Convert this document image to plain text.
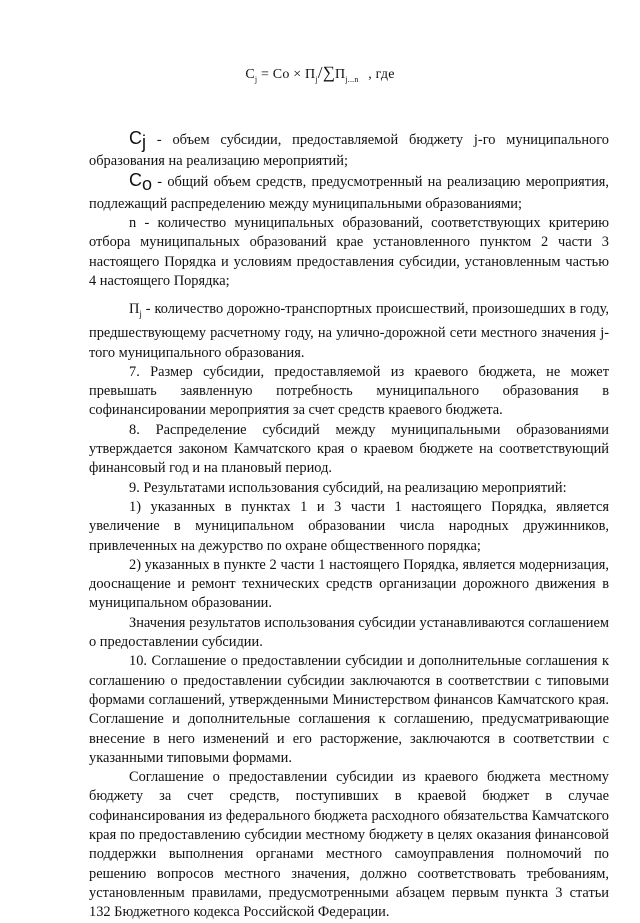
$C_j = Co \times П_j/\sum П_{j...n}$ , где

$C_j$ - объем субсидии, предоставляемой бюджету j-го муниципального образования на реализацию мероприятий;

$C_o$ - общий объем средств, предусмотренный на реализацию мероприятия, подлежащий распределению между муниципальными образованиями;

n - количество муниципальных образований, соответствующих критерию отбора муниципальных образований крае установленного пунктом 2 части 3 настоящего Порядка и условиям предоставления субсидии, установленным частью 4 настоящего Порядка;

$П_j$ - количество дорожно-транспортных происшествий, произошедших в году, предшествующему расчетному году, на улично-дорожной сети местного значения j-того муниципального образования.

7. Размер субсидии, предоставляемой из краевого бюджета, не может превышать заявленную потребность муниципального образования в софинансировании мероприятия за счет средств краевого бюджета.

8. Распределение субсидий между муниципальными образованиями утверждается законом Камчатского края о краевом бюджете на соответствующий финансовый год и на плановый период.

9. Результатами использования субсидий, на реализацию мероприятий:

1) указанных в пунктах 1 и 3 части 1 настоящего Порядка, является увеличение в муниципальном образовании числа народных дружинников, привлеченных на дежурство по охране общественного порядка;

2) указанных в пункте 2 части 1 настоящего Порядка, является модернизация, дооснащение и ремонт технических средств организации дорожного движения в муниципальном образовании.

Значения результатов использования субсидии устанавливаются соглашением о предоставлении субсидии.

10. Соглашение о предоставлении субсидии и дополнительные соглашения к соглашению о предоставлении субсидии заключаются в соответствии с типовыми формами соглашений, утвержденными Министерством финансов Камчатского края. Соглашение и дополнительные соглашения к соглашению, предусматривающие внесение в него изменений и его расторжение, заключаются в соответствии с указанными типовыми формами.

Соглашение о предоставлении субсидии из краевого бюджета местному бюджету за счет средств, поступивших в краевой бюджет в случае софинансирования из федерального бюджета расходного обязательства Камчатского края по предоставлению субсидии местному бюджету в целях оказания финансовой поддержки выполнения органами местного самоуправления полномочий по решению вопросов местного значения, должно соответствовать требованиям, установленным правилами, предусмотренными абзацем первым пункта 3 статьи 132 Бюджетного кодекса Российской Федерации.
